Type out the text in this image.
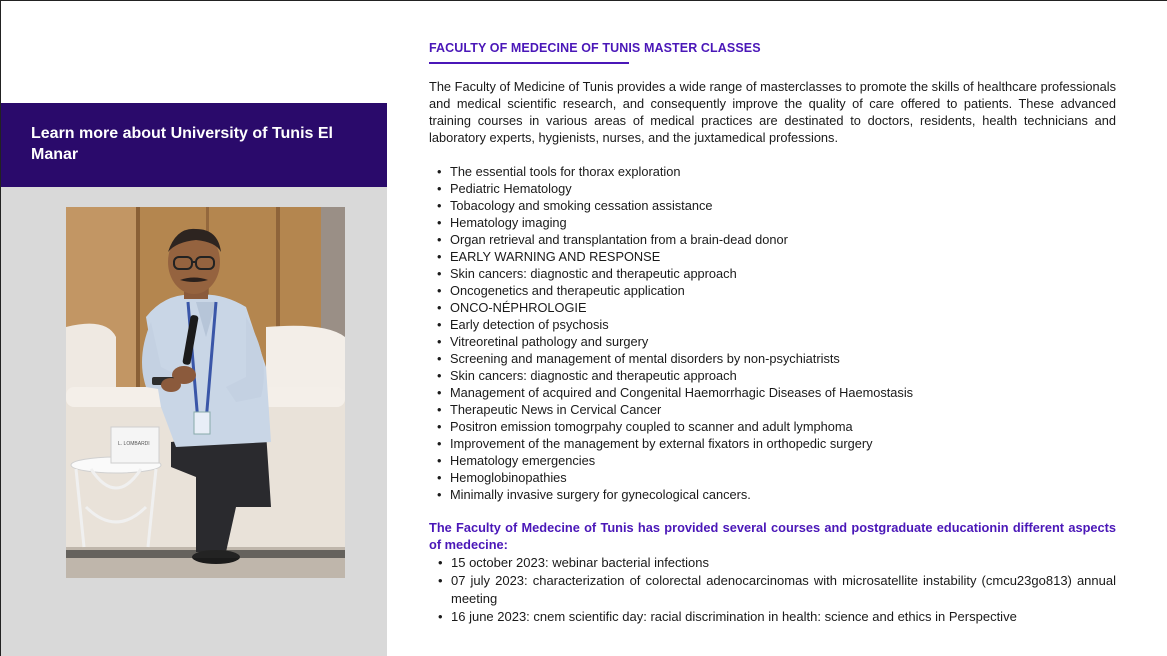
Learn more about University of Tunis El Manar
L. LOMBARDI
FACULTY OF MEDECINE OF TUNIS MASTER CLASSES

The Faculty of Medicine of Tunis provides a wide range of masterclasses to promote the skills of healthcare professionals and medical scientific research, and consequently improve the quality of care offered to patients. These advanced training courses in various areas of medical practices are destinated to doctors, residents, health technicians and laboratory experts, hygienists, nurses, and the juxtamedical professions.

• The essential tools for thorax exploration
• Pediatric Hematology
• Tobacology and smoking cessation assistance
• Hematology imaging
• Organ retrieval and transplantation from a brain-dead donor
• EARLY WARNING AND RESPONSE
• Skin cancers: diagnostic and therapeutic approach
• Oncogenetics and therapeutic application
• ONCO-NÉPHROLOGIE
• Early detection of psychosis
• Vitreoretinal pathology and surgery
• Screening and management of mental disorders by non-psychiatrists
• Skin cancers: diagnostic and therapeutic approach
• Management of acquired and Congenital Haemorrhagic Diseases of Haemostasis
• Therapeutic News in Cervical Cancer
• Positron emission tomogrpahy coupled to scanner and adult lymphoma
• Improvement of the management by external fixators in orthopedic surgery
• Hematology emergencies
• Hemoglobinopathies
• Minimally invasive surgery for gynecological cancers.

The Faculty of Medecine of Tunis has provided several courses and postgraduate educationin different aspects of medecine:

• 15 october 2023: webinar bacterial infections
• 07 july 2023: characterization of colorectal adenocarcinomas with microsatellite instability (cmcu23go813) annual meeting
• 16 june 2023: cnem scientific day: racial discrimination in health: science and ethics in Perspective
